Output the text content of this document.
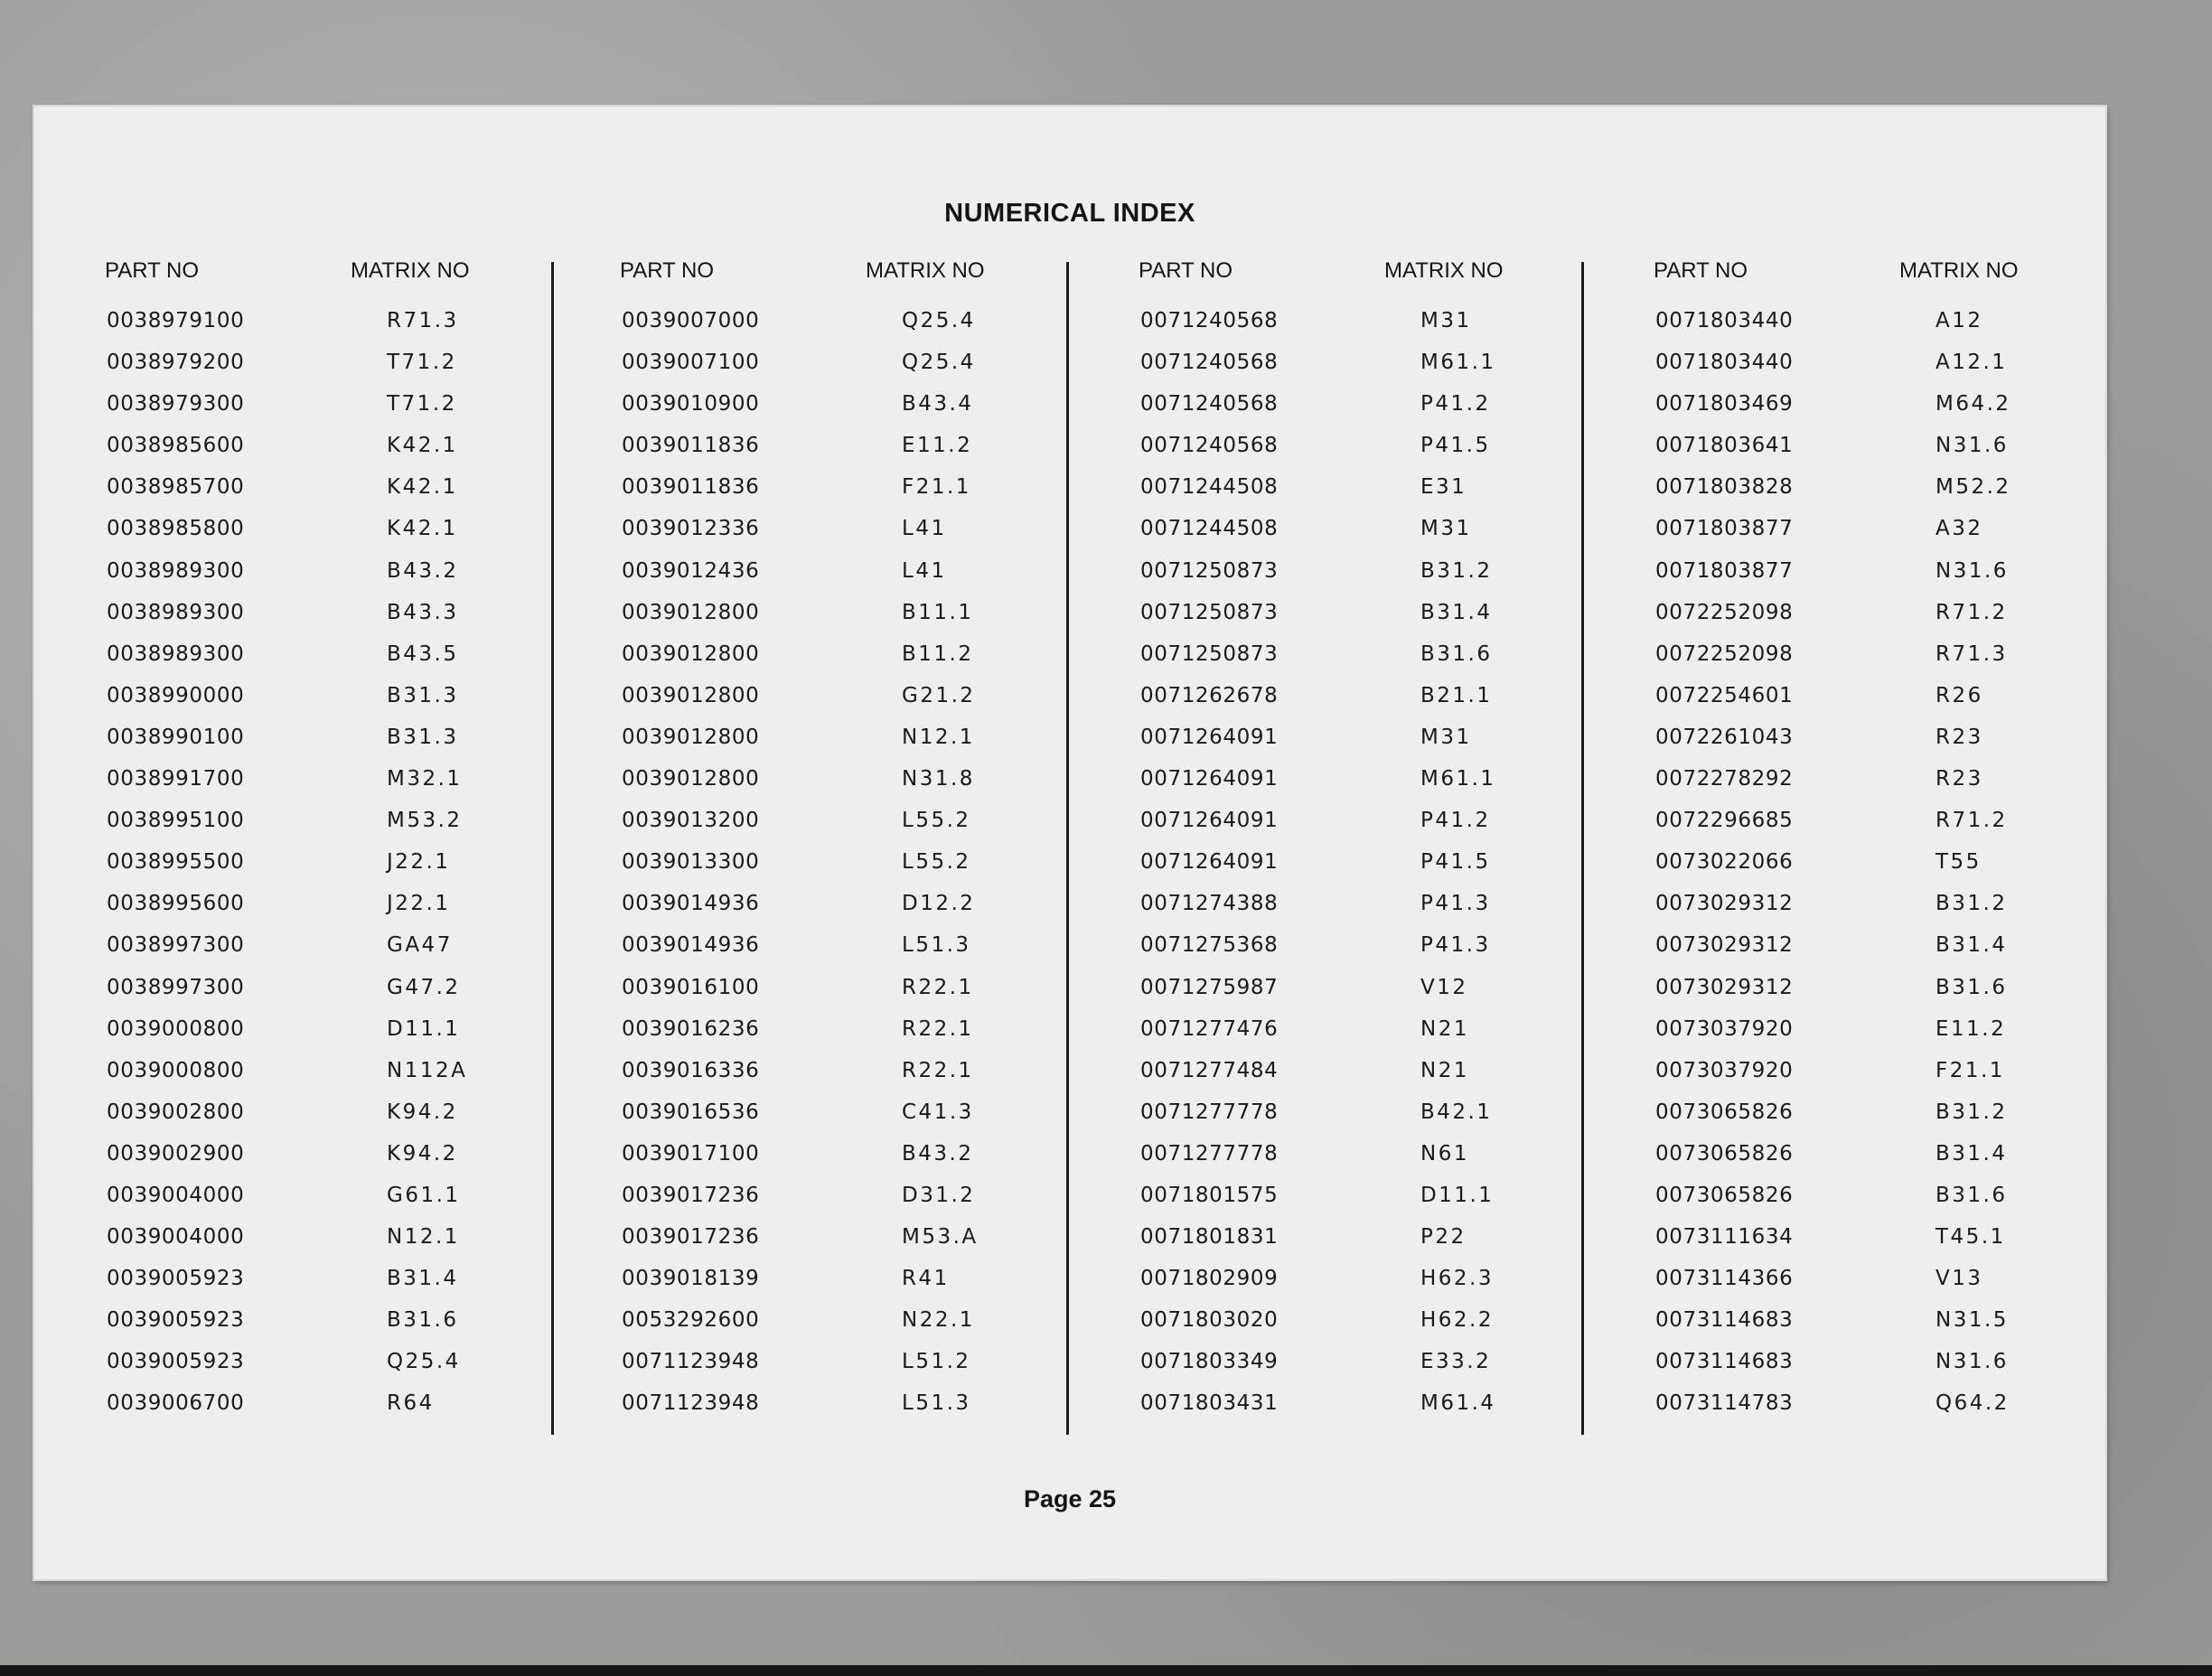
NUMERICAL INDEX
PART NO	MATRIX NO
0038979100	R71.3
0038979200	T71.2
0038979300	T71.2
0038985600	K42.1
0038985700	K42.1
0038985800	K42.1
0038989300	B43.2
0038989300	B43.3
0038989300	B43.5
0038990000	B31.3
0038990100	B31.3
0038991700	M32.1
0038995100	M53.2
0038995500	J22.1
0038995600	J22.1
0038997300	GA47
0038997300	G47.2
0039000800	D11.1
0039000800	N112A
0039002800	K94.2
0039002900	K94.2
0039004000	G61.1
0039004000	N12.1
0039005923	B31.4
0039005923	B31.6
0039005923	Q25.4
0039006700	R64
PART NO	MATRIX NO
0039007000	Q25.4
0039007100	Q25.4
0039010900	B43.4
0039011836	E11.2
0039011836	F21.1
0039012336	L41
0039012436	L41
0039012800	B11.1
0039012800	B11.2
0039012800	G21.2
0039012800	N12.1
0039012800	N31.8
0039013200	L55.2
0039013300	L55.2
0039014936	D12.2
0039014936	L51.3
0039016100	R22.1
0039016236	R22.1
0039016336	R22.1
0039016536	C41.3
0039017100	B43.2
0039017236	D31.2
0039017236	M53.A
0039018139	R41
0053292600	N22.1
0071123948	L51.2
0071123948	L51.3
PART NO	MATRIX NO
0071240568	M31
0071240568	M61.1
0071240568	P41.2
0071240568	P41.5
0071244508	E31
0071244508	M31
0071250873	B31.2
0071250873	B31.4
0071250873	B31.6
0071262678	B21.1
0071264091	M31
0071264091	M61.1
0071264091	P41.2
0071264091	P41.5
0071274388	P41.3
0071275368	P41.3
0071275987	V12
0071277476	N21
0071277484	N21
0071277778	B42.1
0071277778	N61
0071801575	D11.1
0071801831	P22
0071802909	H62.3
0071803020	H62.2
0071803349	E33.2
0071803431	M61.4
PART NO	MATRIX NO
0071803440	A12
0071803440	A12.1
0071803469	M64.2
0071803641	N31.6
0071803828	M52.2
0071803877	A32
0071803877	N31.6
0072252098	R71.2
0072252098	R71.3
0072254601	R26
0072261043	R23
0072278292	R23
0072296685	R71.2
0073022066	T55
0073029312	B31.2
0073029312	B31.4
0073029312	B31.6
0073037920	E11.2
0073037920	F21.1
0073065826	B31.2
0073065826	B31.4
0073065826	B31.6
0073111634	T45.1
0073114366	V13
0073114683	N31.5
0073114683	N31.6
0073114783	Q64.2
Page 25
